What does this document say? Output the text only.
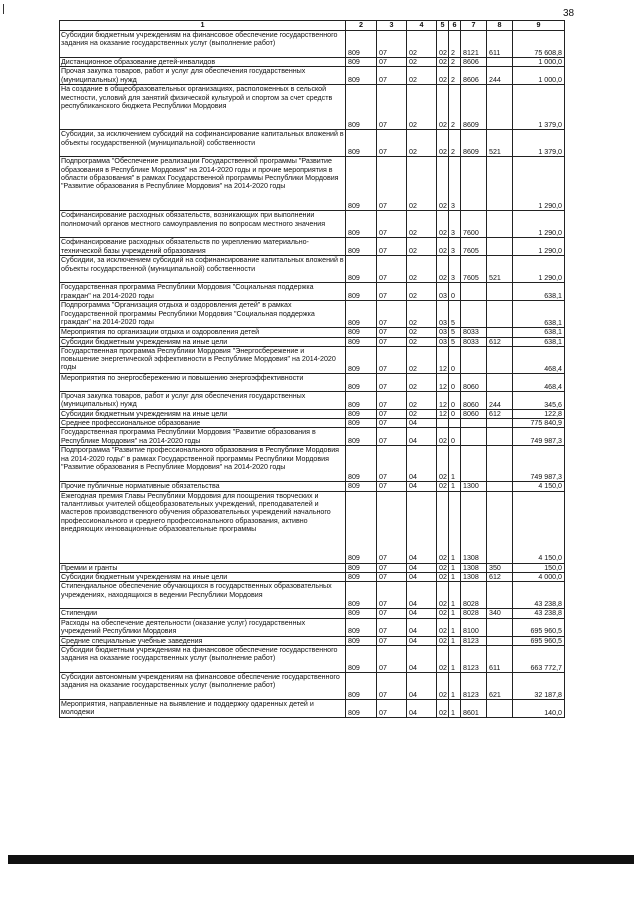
38
1	2	3	4	5	6	7	8	9
Субсидии бюджетным учреждениям на финансовое обеспечение государственного задания на оказание государственных услуг (выполнение работ)	809	07	02	02	2	8121	611	75 608,8
Дистанционное образование детей-инвалидов	809	07	02	02	2	8606		1 000,0
Прочая закупка товаров, работ и услуг для обеспечения государственных (муниципальных) нужд	809	07	02	02	2	8606	244	1 000,0
На создание в общеобразовательных организациях, расположенных в сельской местности, условий для занятий физической культурой и спортом за счет средств республиканского бюджета Республики Мордовия	809	07	02	02	2	8609		1 379,0
Субсидии, за исключением субсидий на софинансирование капитальных вложений в объекты государственной (муниципальной) собственности	809	07	02	02	2	8609	521	1 379,0
Подпрограмма "Обеспечение реализации Государственной программы "Развитие образования в Республике Мордовия" на 2014-2020 годы и прочие мероприятия в области образования" в рамках Государственной программы Республики Мордовия "Развитие образования в Республике Мордовия" на 2014-2020 годы	809	07	02	02	3			1 290,0
Софинансирование расходных обязательств, возникающих при выполнении полномочий органов местного самоуправления по вопросам местного значения	809	07	02	02	3	7600		1 290,0
Софинансирование расходных обязательств по укреплению материально-технической базы учреждений образования	809	07	02	02	3	7605		1 290,0
Субсидии, за исключением субсидий на софинансирование капитальных вложений в объекты государственной (муниципальной) собственности	809	07	02	02	3	7605	521	1 290,0
Государственная программа Республики Мордовия "Социальная поддержка граждан" на 2014-2020 годы	809	07	02	03	0			638,1
Подпрограмма "Организация отдыха и оздоровления детей" в рамках Государственной программы Республики Мордовия "Социальная поддержка граждан" на 2014-2020 годы	809	07	02	03	5			638,1
Мероприятия по организации отдыха и оздоровления детей	809	07	02	03	5	8033		638,1
Субсидии бюджетным учреждениям на иные цели	809	07	02	03	5	8033	612	638,1
Государственная программа Республики Мордовия "Энергосбережение и повышение энергетической эффективности в Республике Мордовия" на 2014-2020 годы	809	07	02	12	0			468,4
Мероприятия по энергосбережению и повышению энергоэффективности	809	07	02	12	0	8060		468,4
Прочая закупка товаров, работ и услуг для обеспечения государственных (муниципальных) нужд	809	07	02	12	0	8060	244	345,6
Субсидии бюджетным учреждениям на иные цели	809	07	02	12	0	8060	612	122,8
Среднее профессиональное образование	809	07	04					775 840,9
Государственная программа Республики Мордовия "Развитие образования в Республике Мордовия" на 2014-2020 годы	809	07	04	02	0			749 987,3
Подпрограмма "Развитие профессионального образования в Республике Мордовия на 2014-2020 годы" в рамках Государственной программы Республики Мордовия "Развитие образования в Республике Мордовия" на 2014-2020 годы	809	07	04	02	1			749 987,3
Прочие публичные нормативные обязательства	809	07	04	02	1	1300		4 150,0
Ежегодная премия Главы Республики Мордовия для поощрения творческих и талантливых учителей общеобразовательных учреждений, преподавателей и мастеров производственного обучения образовательных учреждений начального профессионального и среднего профессионального образования, активно внедряющих инновационные образовательные программы	809	07	04	02	1	1308		4 150,0
Премии и гранты	809	07	04	02	1	1308	350	150,0
Субсидии бюджетным учреждениям на иные цели	809	07	04	02	1	1308	612	4 000,0
Стипендиальное обеспечение обучающихся в государственных образовательных учреждениях, находящихся в ведении Республики Мордовия	809	07	04	02	1	8028		43 238,8
Стипендии	809	07	04	02	1	8028	340	43 238,8
Расходы на обеспечение деятельности (оказание услуг) государственных учреждений Республики Мордовия	809	07	04	02	1	8100		695 960,5
Средние специальные учебные заведения	809	07	04	02	1	8123		695 960,5
Субсидии бюджетным учреждениям на финансовое обеспечение государственного задания на оказание государственных услуг (выполнение работ)	809	07	04	02	1	8123	611	663 772,7
Субсидии автономным учреждениям на финансовое обеспечение государственного задания на оказание государственных услуг (выполнение работ)	809	07	04	02	1	8123	621	32 187,8
Мероприятия, направленные на выявление и поддержку одаренных детей и молодежи	809	07	04	02	1	8601		140,0
